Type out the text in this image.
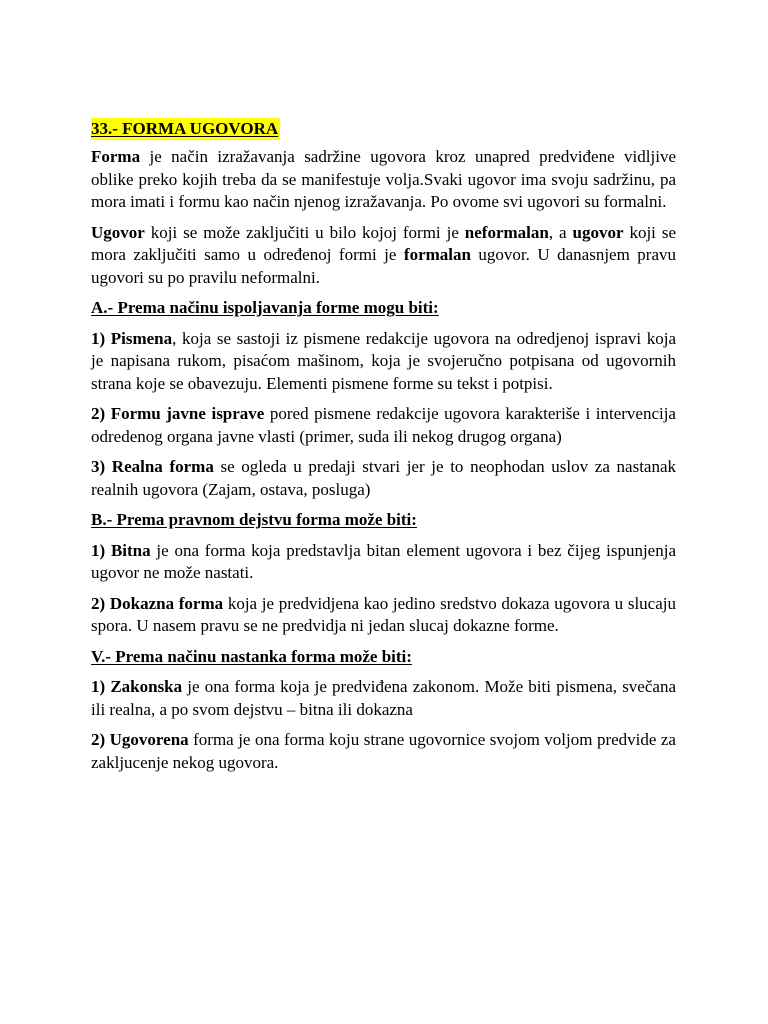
33.- FORMA UGOVORA

Forma je način izražavanja sadržine ugovora kroz unapred predviđene vidljive oblike preko kojih treba da se manifestuje volja.Svaki ugovor ima svoju sadržinu, pa mora imati i formu kao način njenog izražavanja. Po ovome svi ugovori su formalni.

Ugovor koji se može zaključiti u bilo kojoj formi je neformalan, a ugovor koji se mora zaključiti samo u određenoj formi je formalan ugovor. U danasnjem pravu ugovori su po pravilu neformalni.

A.- Prema načinu ispoljavanja forme mogu biti:

1) Pismena, koja se sastoji iz pismene redakcije ugovora na odredjenoj ispravi koja je napisana rukom, pisaćom mašinom, koja je svojeručno potpisana od ugovornih strana koje se obavezuju. Elementi pismene forme su tekst i potpisi.

2) Formu javne isprave pored pismene redakcije ugovora karakteriše i intervencija odredenog organa javne vlasti (primer, suda ili nekog drugog organa)

3) Realna forma se ogleda u predaji stvari jer je to neophodan uslov za nastanak realnih ugovora (Zajam, ostava, posluga)

B.- Prema pravnom dejstvu forma može biti:

1) Bitna je ona forma koja predstavlja bitan element ugovora i bez čijeg ispunjenja ugovor ne može nastati.

2) Dokazna forma koja je predvidjena kao jedino sredstvo dokaza ugovora u slucaju spora. U nasem pravu se ne predvidja ni jedan slucaj dokazne forme.

V.- Prema načinu nastanka forma može biti:

1) Zakonska je ona forma koja je predviđena zakonom. Može biti pismena, svečana ili realna, a po svom dejstvu – bitna ili dokazna

2) Ugovorena forma je ona forma koju strane ugovornice svojom voljom predvide za zakljucenje nekog ugovora.
